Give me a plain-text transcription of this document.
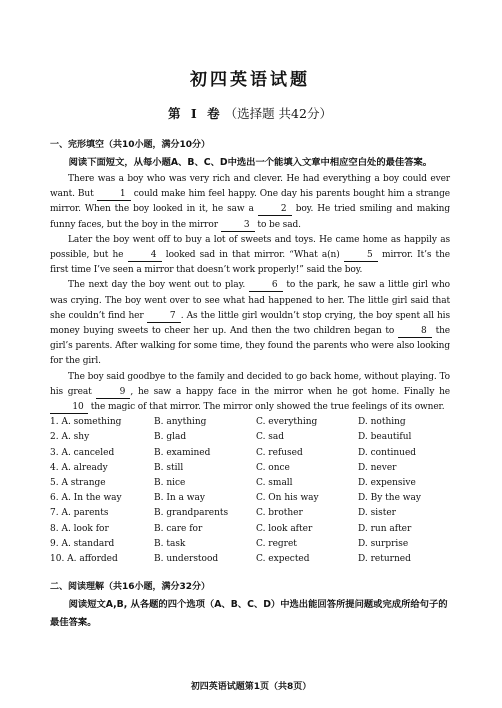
初四英语试题
第 I 卷 （选择题 共42分）
一、完形填空（共10小题，满分10分）
阅读下面短文，从每小题A、B、C、D中选出一个能填入文章中相应空白处的最佳答案。

There was a boy who was very rich and clever. He had everything a boy could ever want. But	1 could make him feel happy. One day his parents bought him a strange mirror. When the boy looked in it, he saw a	2 boy. He tried smiling and making funny faces, but the boy in the mirror	3 to be sad.

Later the boy went off to buy a lot of sweets and toys. He came home as happily as possible, but he	4 looked sad in that mirror. “What a(n)	5 mirror. It’s the first time I’ve seen a mirror that doesn’t work properly!” said the boy.

The next day the boy went out to play.	6 to the park, he saw a little girl who was crying. The boy went over to see what had happened to her. The little girl said that she couldn’t find her	7 . As the little girl wouldn’t stop crying, the boy spent all his money buying sweets to cheer her up. And then the two children began to	8 the girl’s parents. After walking for some time, they found the parents who were also looking for the girl.

The boy said goodbye to the family and decided to go back home, without playing. To his great	9 , he saw a happy face in the mirror when he got home. Finally he 10 the magic of that mirror. The mirror only showed the true feelings of its owner.

1. A. something	B. anything	C. everything	D. nothing
2. A. shy	B. glad	C. sad	D. beautiful
3. A. canceled	B. examined	C. refused	D. continued
4. A. already	B. still	C. once	D. never
5. A strange	B. nice	C. small	D. expensive
6. A. In the way	B. In a way	C. On his way	D. By the way
7. A. parents	B. grandparents	C. brother	D. sister
8. A. look for	B. care for	C. look after	D. run after
9. A. standard	B. task	C. regret	D. surprise
10. A. afforded	B. understood	C. expected	D. returned
二、阅读理解（共16小题，满分32分）
阅读短文A,B, 从各题的四个选项（A、B、C、D）中选出能回答所提问题或完成所给句子的最佳答案。
初四英语试题第1页（共8页）
